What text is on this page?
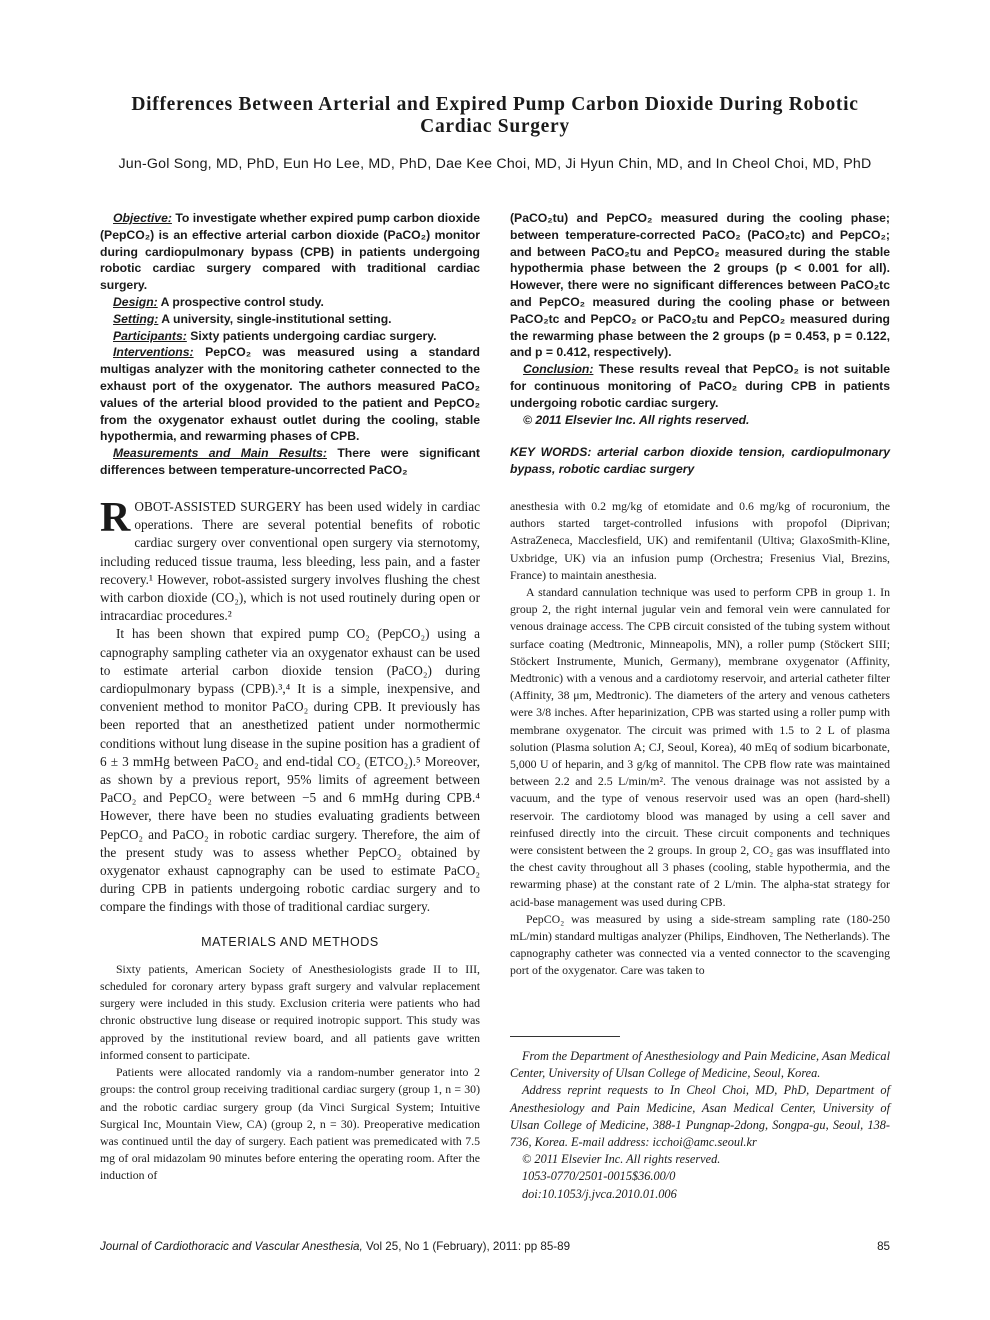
Differences Between Arterial and Expired Pump Carbon Dioxide During Robotic Cardiac Surgery
Jun-Gol Song, MD, PhD, Eun Ho Lee, MD, PhD, Dae Kee Choi, MD, Ji Hyun Chin, MD, and In Cheol Choi, MD, PhD

Objective: To investigate whether expired pump carbon dioxide (PepCO₂) is an effective arterial carbon dioxide (PaCO₂) monitor during cardiopulmonary bypass (CPB) in patients undergoing robotic cardiac surgery compared with traditional cardiac surgery.

Design: A prospective control study.

Setting: A university, single-institutional setting.

Participants: Sixty patients undergoing cardiac surgery.

Interventions: PepCO₂ was measured using a standard multigas analyzer with the monitoring catheter connected to the exhaust port of the oxygenator. The authors measured PaCO₂ values of the arterial blood provided to the patient and PepCO₂ from the oxygenator exhaust outlet during the cooling, stable hypothermia, and rewarming phases of CPB.

Measurements and Main Results: There were significant differences between temperature-uncorrected PaCO₂

(PaCO₂tu) and PepCO₂ measured during the cooling phase; between temperature-corrected PaCO₂ (PaCO₂tc) and PepCO₂; and between PaCO₂tu and PepCO₂ measured during the stable hypothermia phase between the 2 groups (p < 0.001 for all). However, there were no significant differences between PaCO₂tc and PepCO₂ measured during the cooling phase or between PaCO₂tc and PepCO₂ or PaCO₂tu and PepCO₂ measured during the rewarming phase between the 2 groups (p = 0.453, p = 0.122, and p = 0.412, respectively).

Conclusion: These results reveal that PepCO₂ is not suitable for continuous monitoring of PaCO₂ during CPB in patients undergoing robotic cardiac surgery.

© 2011 Elsevier Inc. All rights reserved.

KEY WORDS: arterial carbon dioxide tension, cardiopulmonary bypass, robotic cardiac surgery

ROBOT-ASSISTED SURGERY has been used widely in cardiac operations. There are several potential benefits of robotic cardiac surgery over conventional open surgery via sternotomy, including reduced tissue trauma, less bleeding, less pain, and a faster recovery.¹ However, robot-assisted surgery involves flushing the chest with carbon dioxide (CO₂), which is not used routinely during open or intracardiac procedures.²

It has been shown that expired pump CO₂ (PepCO₂) using a capnography sampling catheter via an oxygenator exhaust can be used to estimate arterial carbon dioxide tension (PaCO₂) during cardiopulmonary bypass (CPB).³,⁴ It is a simple, inexpensive, and convenient method to monitor PaCO₂ during CPB. It previously has been reported that an anesthetized patient under normothermic conditions without lung disease in the supine position has a gradient of 6 ± 3 mmHg between PaCO₂ and end-tidal CO₂ (ETCO₂).⁵ Moreover, as shown by a previous report, 95% limits of agreement between PaCO₂ and PepCO₂ were between −5 and 6 mmHg during CPB.⁴ However, there have been no studies evaluating gradients between PepCO₂ and PaCO₂ in robotic cardiac surgery. Therefore, the aim of the present study was to assess whether PepCO₂ obtained by oxygenator exhaust capnography can be used to estimate PaCO₂ during CPB in patients undergoing robotic cardiac surgery and to compare the findings with those of traditional cardiac surgery.

MATERIALS AND METHODS

Sixty patients, American Society of Anesthesiologists grade II to III, scheduled for coronary artery bypass graft surgery and valvular replacement surgery were included in this study. Exclusion criteria were patients who had chronic obstructive lung disease or required inotropic support. This study was approved by the institutional review board, and all patients gave written informed consent to participate.

Patients were allocated randomly via a random-number generator into 2 groups: the control group receiving traditional cardiac surgery (group 1, n = 30) and the robotic cardiac surgery group (da Vinci Surgical System; Intuitive Surgical Inc, Mountain View, CA) (group 2, n = 30). Preoperative medication was continued until the day of surgery. Each patient was premedicated with 7.5 mg of oral midazolam 90 minutes before entering the operating room. After the induction of

anesthesia with 0.2 mg/kg of etomidate and 0.6 mg/kg of rocuronium, the authors started target-controlled infusions with propofol (Diprivan; AstraZeneca, Macclesfield, UK) and remifentanil (Ultiva; GlaxoSmith-Kline, Uxbridge, UK) via an infusion pump (Orchestra; Fresenius Vial, Brezins, France) to maintain anesthesia.

A standard cannulation technique was used to perform CPB in group 1. In group 2, the right internal jugular vein and femoral vein were cannulated for venous drainage access. The CPB circuit consisted of the tubing system without surface coating (Medtronic, Minneapolis, MN), a roller pump (Stöckert SIII; Stöckert Instrumente, Munich, Germany), membrane oxygenator (Affinity, Medtronic) with a venous and a cardiotomy reservoir, and arterial catheter filter (Affinity, 38 μm, Medtronic). The diameters of the artery and venous catheters were 3/8 inches. After heparinization, CPB was started using a roller pump with membrane oxygenator. The circuit was primed with 1.5 to 2 L of plasma solution (Plasma solution A; CJ, Seoul, Korea), 40 mEq of sodium bicarbonate, 5,000 U of heparin, and 3 g/kg of mannitol. The CPB flow rate was maintained between 2.2 and 2.5 L/min/m². The venous drainage was not assisted by a vacuum, and the type of venous reservoir used was an open (hard-shell) reservoir. The cardiotomy blood was managed by using a cell saver and reinfused directly into the circuit. These circuit components and techniques were consistent between the 2 groups. In group 2, CO₂ gas was insufflated into the chest cavity throughout all 3 phases (cooling, stable hypothermia, and the rewarming phase) at the constant rate of 2 L/min. The alpha-stat strategy for acid-base management was used during CPB.

PepCO₂ was measured by using a side-stream sampling rate (180-250 mL/min) standard multigas analyzer (Philips, Eindhoven, The Netherlands). The capnography catheter was connected via a vented connector to the scavenging port of the oxygenator. Care was taken to

From the Department of Anesthesiology and Pain Medicine, Asan Medical Center, University of Ulsan College of Medicine, Seoul, Korea.

Address reprint requests to In Cheol Choi, MD, PhD, Department of Anesthesiology and Pain Medicine, Asan Medical Center, University of Ulsan College of Medicine, 388-1 Pungnap-2dong, Songpa-gu, Seoul, 138-736, Korea. E-mail address: icchoi@amc.seoul.kr

© 2011 Elsevier Inc. All rights reserved.

1053-0770/2501-0015$36.00/0

doi:10.1053/j.jvca.2010.01.006

Journal of Cardiothoracic and Vascular Anesthesia, Vol 25, No 1 (February), 2011: pp 85-89	85
